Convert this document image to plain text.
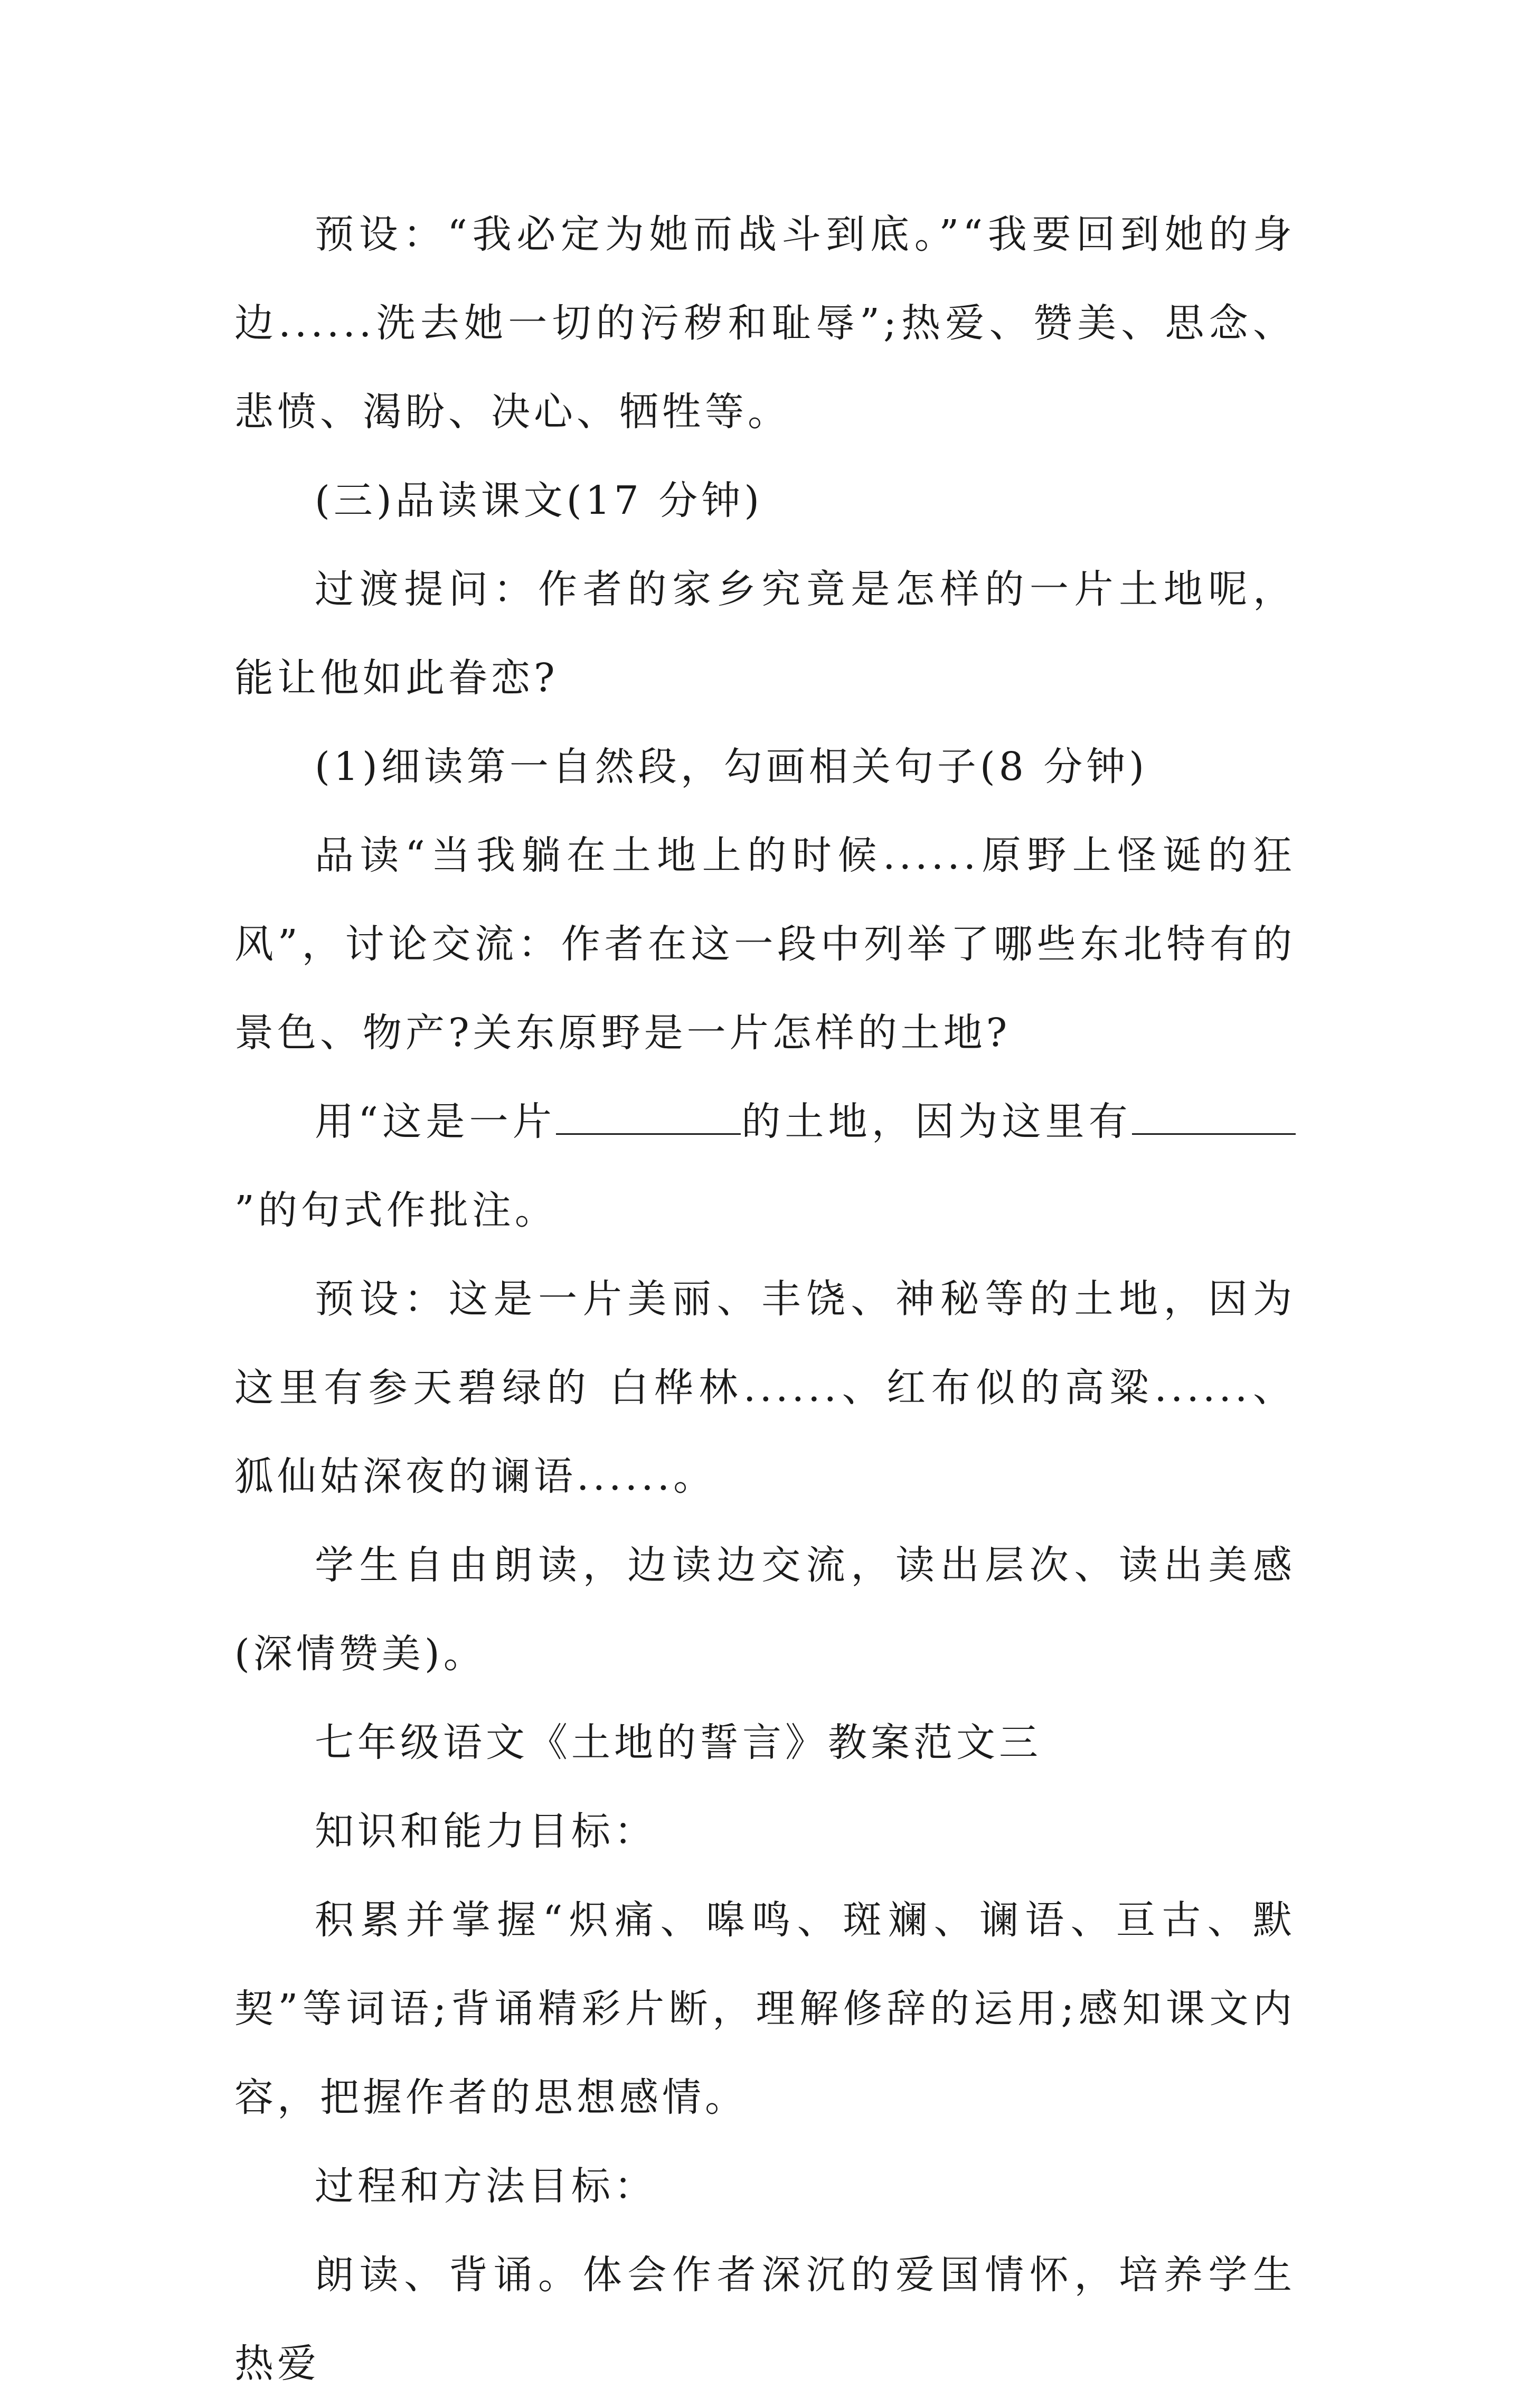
预设：“我必定为她而战斗到底。”“我要回到她的身边......洗去她一切的污秽和耻辱”;热爱、赞美、思念、悲愤、渴盼、决心、牺牲等。

(三)品读课文(17 分钟)

过渡提问：作者的家乡究竟是怎样的一片土地呢，能让他如此眷恋?

(1)细读第一自然段，勾画相关句子(8 分钟)

品读“当我躺在土地上的时候......原野上怪诞的狂风”，讨论交流：作者在这一段中列举了哪些东北特有的景色、物产?关东原野是一片怎样的土地?

用“这是一片	的土地，因为这里有”的句式作批注。

预设：这是一片美丽、丰饶、神秘等的土地，因为这里有参天碧绿的 白桦林......、红布似的高粱......、狐仙姑深夜的谰语......。

学生自由朗读，边读边交流，读出层次、读出美感(深情赞美)。

七年级语文《土地的誓言》教案范文三

知识和能力目标：

积累并掌握“炽痛、嗥鸣、斑斓、谰语、亘古、默契”等词语;背诵精彩片断，理解修辞的运用;感知课文内容，把握作者的思想感情。

过程和方法目标：

朗读、背诵。体会作者深沉的爱国情怀，培养学生热爱
